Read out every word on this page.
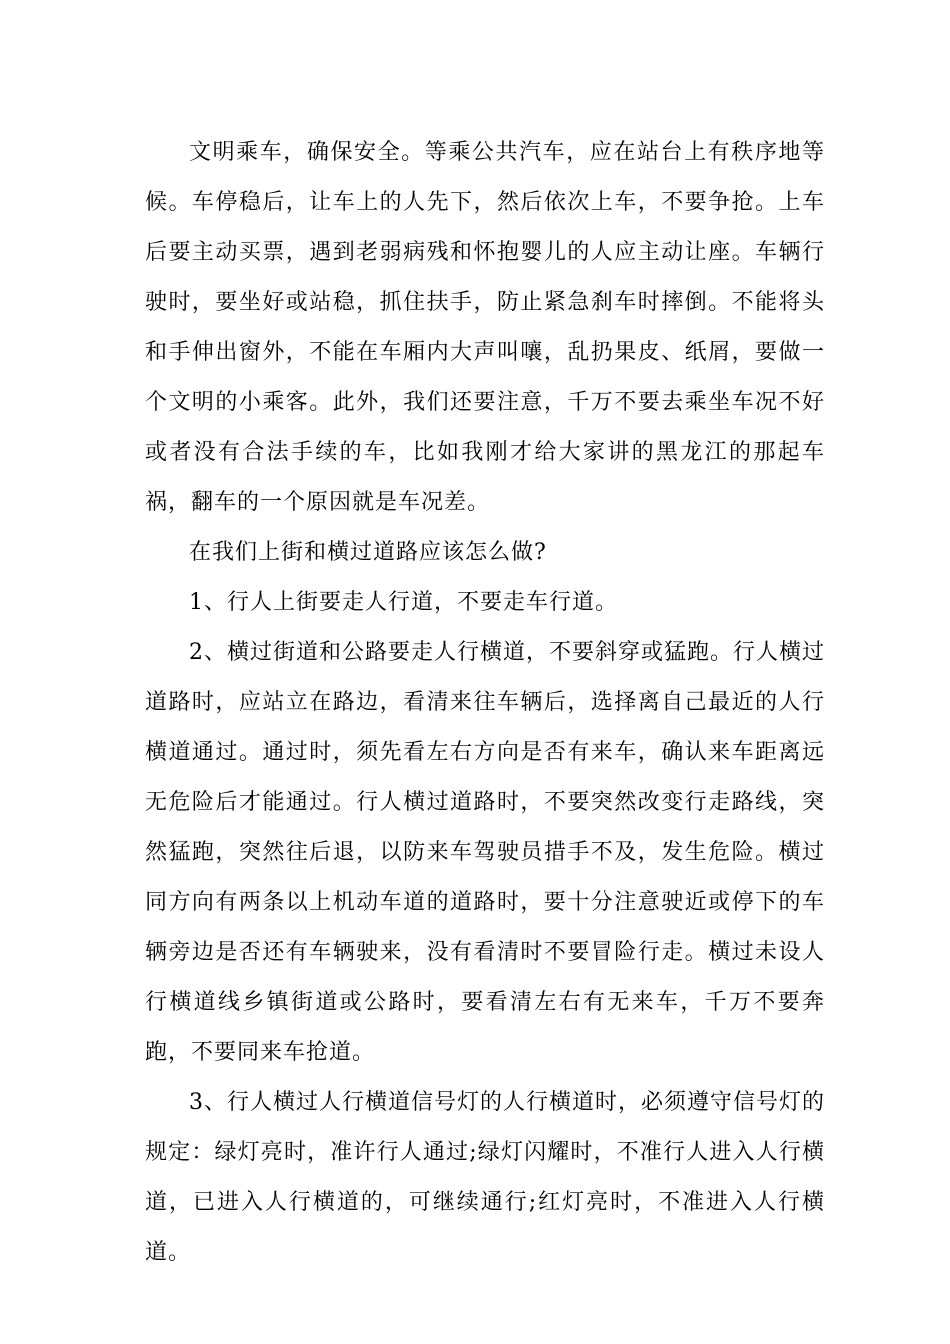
文明乘车，确保安全。等乘公共汽车，应在站台上有秩序地等候。车停稳后，让车上的人先下，然后依次上车，不要争抢。上车后要主动买票，遇到老弱病残和怀抱婴儿的人应主动让座。车辆行驶时，要坐好或站稳，抓住扶手，防止紧急刹车时摔倒。不能将头和手伸出窗外，不能在车厢内大声叫嚷，乱扔果皮、纸屑，要做一个文明的小乘客。此外，我们还要注意，千万不要去乘坐车况不好或者没有合法手续的车，比如我刚才给大家讲的黑龙江的那起车祸，翻车的一个原因就是车况差。

在我们上街和横过道路应该怎么做?

1、行人上街要走人行道，不要走车行道。

2、横过街道和公路要走人行横道，不要斜穿或猛跑。行人横过道路时，应站立在路边，看清来往车辆后，选择离自己最近的人行横道通过。通过时，须先看左右方向是否有来车，确认来车距离远无危险后才能通过。行人横过道路时，不要突然改变行走路线，突然猛跑，突然往后退，以防来车驾驶员措手不及，发生危险。横过同方向有两条以上机动车道的道路时，要十分注意驶近或停下的车辆旁边是否还有车辆驶来，没有看清时不要冒险行走。横过未设人行横道线乡镇街道或公路时，要看清左右有无来车，千万不要奔跑，不要同来车抢道。

3、行人横过人行横道信号灯的人行横道时，必须遵守信号灯的规定：绿灯亮时，准许行人通过;绿灯闪耀时，不准行人进入人行横道，已进入人行横道的，可继续通行;红灯亮时，不准进入人行横道。
